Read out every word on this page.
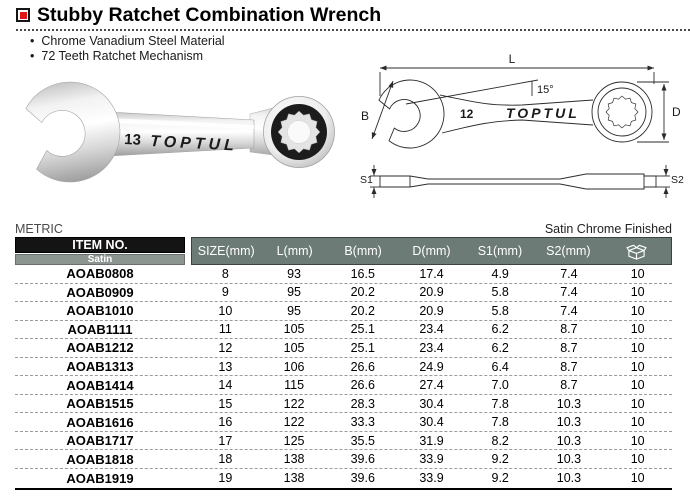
Stubby Ratchet Combination Wrench
• Chrome Vanadium Steel Material
• 72 Teeth Ratchet Mechanism
13 TOPTUL
L
15°
12 TOPTUL
B	D
S1	S2
METRIC	Satin Chrome Finished
ITEM NO.
Satin
SIZE(mm)	L(mm)	B(mm)	D(mm)	S1(mm)	S2(mm)
AOAB0808	8	93	16.5	17.4	4.9	7.4	10
AOAB0909	9	95	20.2	20.9	5.8	7.4	10
AOAB1010	10	95	20.2	20.9	5.8	7.4	10
AOAB1111	11	105	25.1	23.4	6.2	8.7	10
AOAB1212	12	105	25.1	23.4	6.2	8.7	10
AOAB1313	13	106	26.6	24.9	6.4	8.7	10
AOAB1414	14	115	26.6	27.4	7.0	8.7	10
AOAB1515	15	122	28.3	30.4	7.8	10.3	10
AOAB1616	16	122	33.3	30.4	7.8	10.3	10
AOAB1717	17	125	35.5	31.9	8.2	10.3	10
AOAB1818	18	138	39.6	33.9	9.2	10.3	10
AOAB1919	19	138	39.6	33.9	9.2	10.3	10
